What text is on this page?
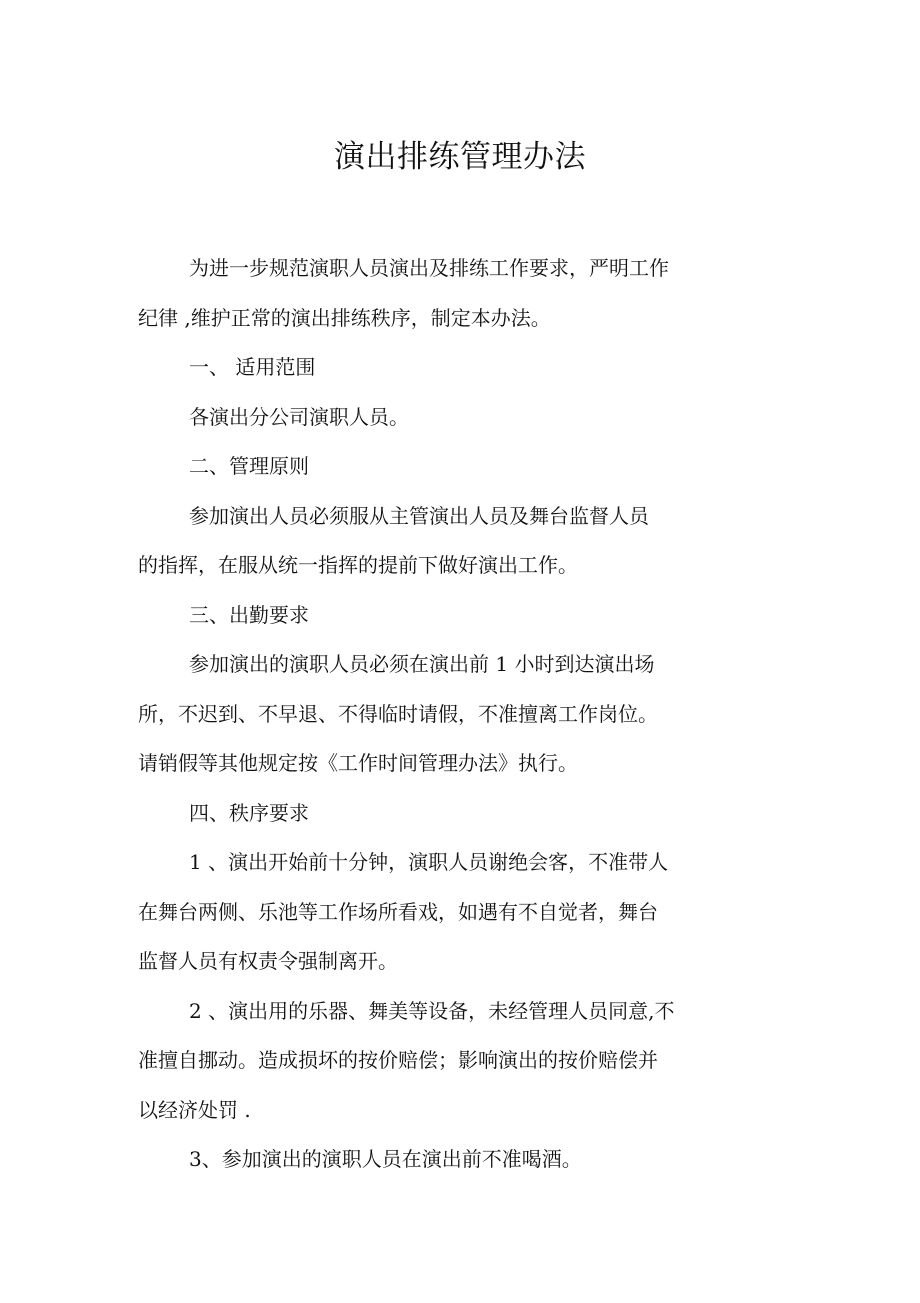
演出排练管理办法
为进一步规范演职人员演出及排练工作要求，严明工作
纪律 ,维护正常的演出排练秩序，制定本办法。
一、 适用范围
各演出分公司演职人员。
二、管理原则
参加演出人员必须服从主管演出人员及舞台监督人员
的指挥，在服从统一指挥的提前下做好演出工作。
三、出勤要求
参加演出的演职人员必须在演出前 1 小时到达演出场
所，不迟到、不早退、不得临时请假，不准擅离工作岗位。
请销假等其他规定按《工作时间管理办法》执行。
四、秩序要求
1 、演出开始前十分钟，演职人员谢绝会客，不准带人
在舞台两侧、乐池等工作场所看戏，如遇有不自觉者，舞台
监督人员有权责令强制离开。
2 、演出用的乐器、舞美等设备，未经管理人员同意,不
准擅自挪动。造成损坏的按价赔偿；影响演出的按价赔偿并
以经济处罚 .
3、参加演出的演职人员在演出前不准喝酒。
